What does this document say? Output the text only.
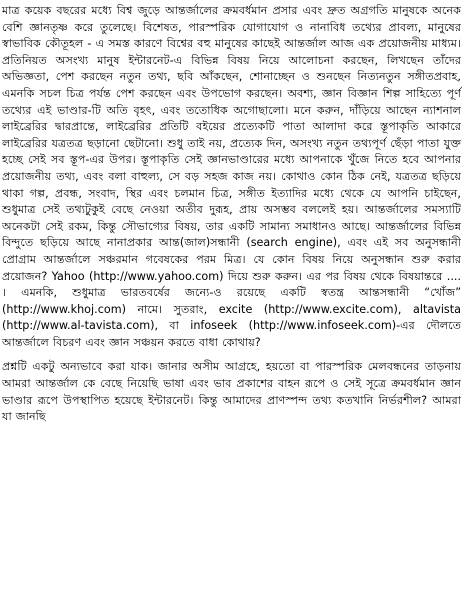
মাত্র কয়েক বছরের মধ্যে বিশ্ব জুড়ে আন্তর্জালের ক্রমবর্ধমান প্রসার এবং দ্রুত অগ্রগতি মানুষকে অনেক বেশি জ্ঞানতৃষ্ণ করে তুলেছে। বিশেষত, পারস্পরিক যোগাযোগ ও নানাবিধ তথ্যের প্রাবল্য, মানুষের স্বাভাবিক কৌতূহল - এ সমস্ত কারণে বিশ্বের বহু মানুষের কাছেই আন্তর্জাল আজ এক প্রয়োজনীয় মাধ্যম। প্রতিনিয়ত অসংখ্য মানুষ ইন্টারনেট-এ বিভিন্ন বিষয় নিয়ে আলোচনা করছেন, লিখছেন তাঁদের অভিজ্ঞতা, পেশ করছেন নতুন তথ্য, ছবি আঁকছেন, শোনাচ্ছেন ও শুনছেন নিত্যনতুন সঙ্গীতপ্রবাহ, এমনকি সচল চিত্র পর্যন্ত পেশ করছেন এবং উপভোগ করছেন। অবশ্য, জ্ঞান বিজ্ঞান শিল্প সাহিত্যে পূর্ণ তথ্যের এই ভাণ্ডার-টি অতি বৃহৎ, এবং ততোধিক অগোছালো। মনে করুন, দাঁড়িয়ে আছেন ন্যাশনাল লাইব্রেরির দ্বারপ্রান্তে, লাইব্রেরির প্রতিটি বইয়ের প্রত্যেকটি পাতা আলাদা করে স্তূপাকৃতি আকারে লাইব্রেরির যত্রতত্র ছড়ানো ছেটানো। শুধু তাই নয়, প্রত্যেক দিন, অসংখ্য নতুন তথ্যপূর্ণ ছেঁড়া পাতা যুক্ত হচ্ছে সেই সব স্তূপ-এর উপর। স্তূপাকৃতি সেই জ্ঞানভাণ্ডারের মধ্যে আপনাকে খুঁজে নিতে হবে আপনার প্রয়োজনীয় তথ্য, এবং বলা বাহুল্য, সে বড় সহজ কাজ নয়। কোথাও কোন ঠিক নেই, যত্রতত্র ছড়িয়ে থাকা গল্প, প্রবন্ধ, সংবাদ, স্থির এবং চলমান চিত্র, সঙ্গীত ইত্যাদির মধ্যে থেকে যে আপনি চাইছেন, শুধুমাত্র সেই তথ্যটুকুই বেছে নেওয়া অতীব দুরূহ, প্রায় অসম্ভব বললেই হয়। আন্তর্জালের সমস্যাটি অনেকটা সেই রকম, কিন্তু সৌভাগ্যের বিষয়, তার একটি সামান্য সমাধানও আছে। আন্তর্জালের বিভিন্ন বিন্দুতে ছড়িয়ে আছে নানাপ্রকার আন্ত(জাল)সন্ধানী (search engine), এবং এই সব অনুসন্ধানী প্রোগ্রাম আন্তর্জালে সঞ্চরমান গবেষকের পরম মিত্র। যে কোন বিষয় নিয়ে অনুসন্ধান শুরু করার প্রয়োজন? Yahoo (http://www.yahoo.com) দিয়ে শুরু করুন। এর পর বিষয় থেকে বিষয়ান্তরে .... । এমনকি, শুধুমাত্র ভারতবর্ষের জন্যে-ও রয়েছে একটি স্বতন্ত্র আন্তসন্ধানী “খোঁজ” (http://www.khoj.com) নামে। সুতরাং, excite (http://www.excite.com), altavista (http://www.al-tavista.com), বা infoseek (http://www.infoseek.com)-এর দৌলতে আন্তর্জালে বিচরণ এবং জ্ঞান সঞ্চয়ন করতে বাধা কোথায়?

প্রশ্নটি একটু অন্যভাবে করা যাক। জানার অসীম আগ্রহে, হয়তো বা পারস্পরিক মেলবন্ধনের তাড়নায় আমরা আন্তর্জাল কে বেছে নিয়েছি ভাষা এবং ভাব প্রকাশের বাহন রূপে ও সেই সূত্রে ক্রমবর্ধমান জ্ঞান ভাণ্ডার রূপে উপস্থাপিত হয়েছে ইন্টারনেট। কিন্তু আমাদের প্রাণস্পন্দ তথ্য কতখানি নির্ভরশীল? আমরা যা জানছি
